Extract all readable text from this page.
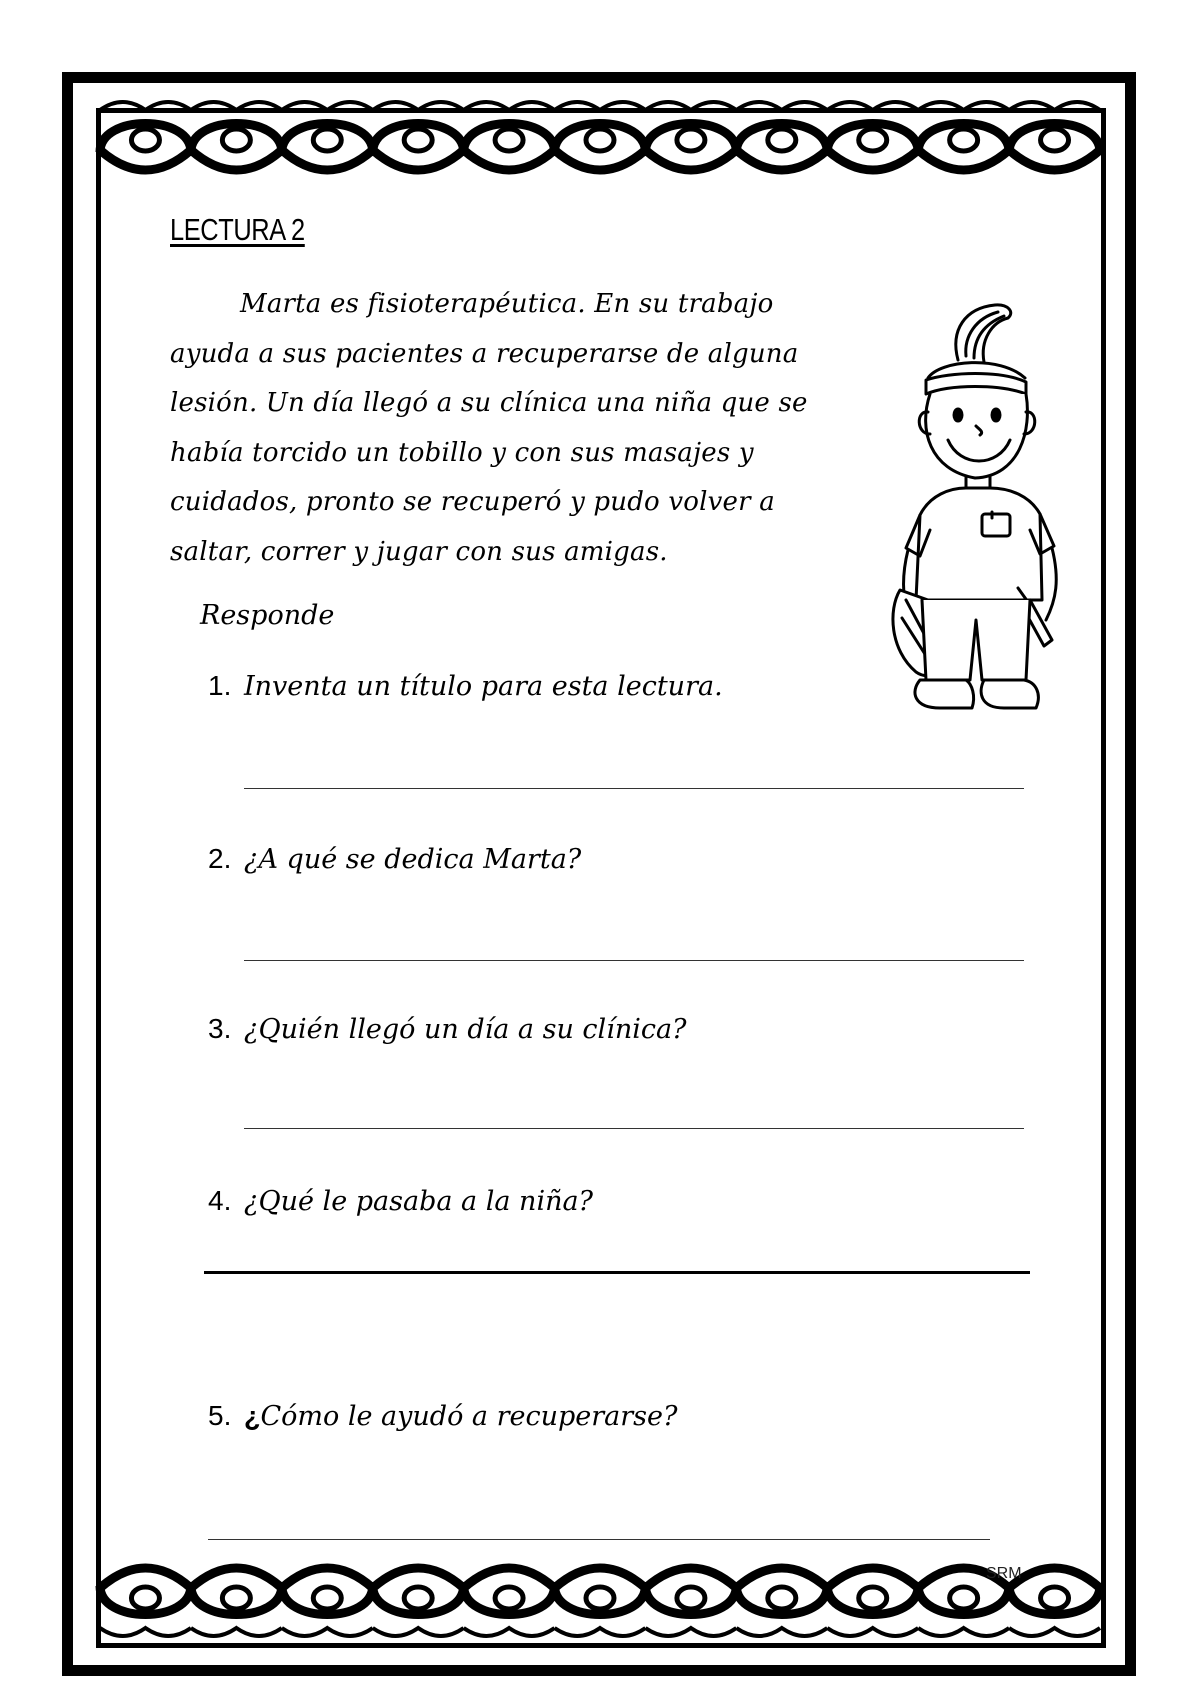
LECTURA 2

Marta es fisioterapéutica. En su trabajo ayuda a sus pacientes a recuperarse de alguna lesión. Un día llegó a su clínica una niña que se había torcido un tobillo y con sus masajes y cuidados, pronto se recuperó y pudo volver a saltar, correr y jugar con sus amigas.

Responde
1. Inventa un título para esta lectura.
2. ¿A qué se dedica Marta?
3. ¿Quién llegó un día a su clínica?
4. ¿Qué le pasaba a la niña?
5. ¿Cómo le ayudó a recuperarse?
SRM
